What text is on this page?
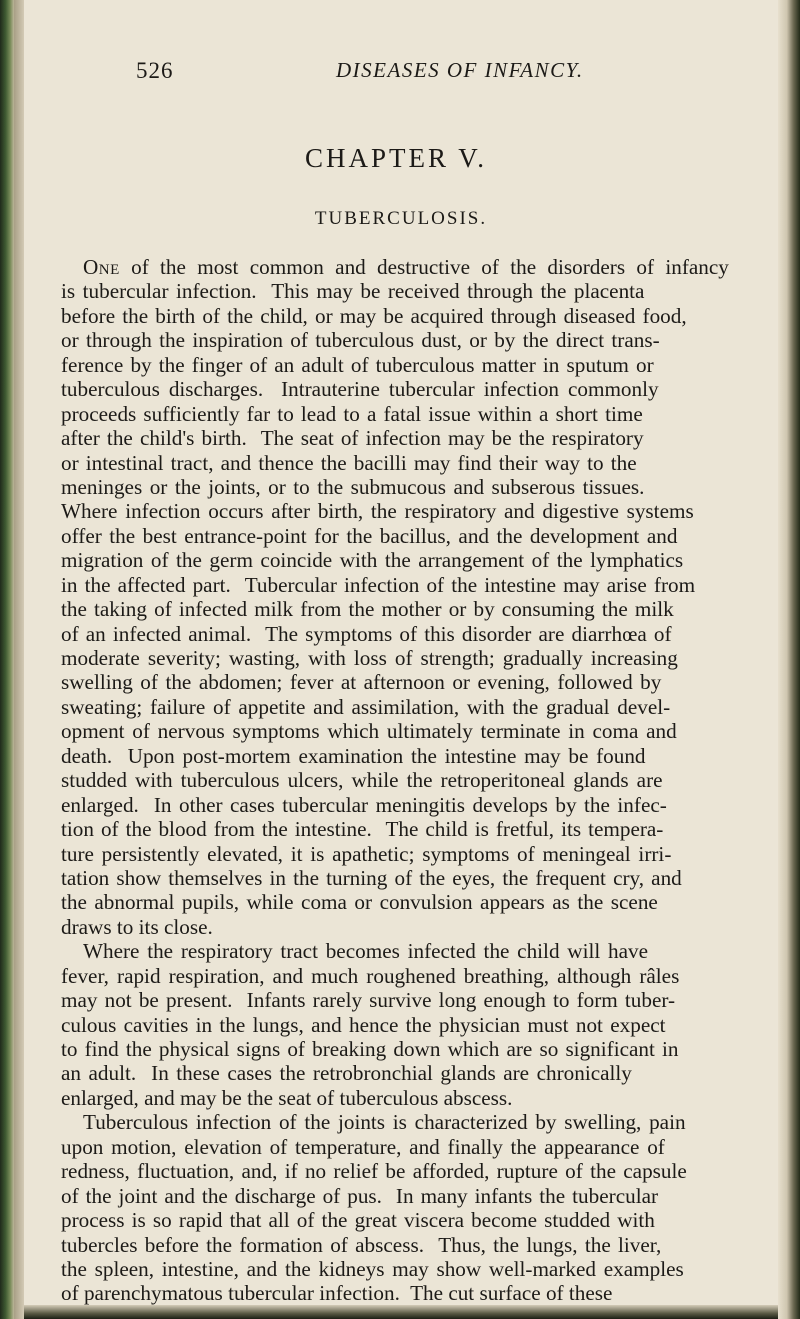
526	DISEASES OF INFANCY.
CHAPTER V.
TUBERCULOSIS.
One of the most common and destructive of the disorders of infancy
is tubercular infection.  This may be received through the placenta
before the birth of the child, or may be acquired through diseased food,
or through the inspiration of tuberculous dust, or by the direct trans-
ference by the finger of an adult of tuberculous matter in sputum or
tuberculous discharges.  Intrauterine tubercular infection commonly
proceeds sufficiently far to lead to a fatal issue within a short time
after the child's birth.  The seat of infection may be the respiratory
or intestinal tract, and thence the bacilli may find their way to the
meninges or the joints, or to the submucous and subserous tissues.
Where infection occurs after birth, the respiratory and digestive systems
offer the best entrance-point for the bacillus, and the development and
migration of the germ coincide with the arrangement of the lymphatics
in the affected part.  Tubercular infection of the intestine may arise from
the taking of infected milk from the mother or by consuming the milk
of an infected animal.  The symptoms of this disorder are diarrhœa of
moderate severity; wasting, with loss of strength; gradually increasing
swelling of the abdomen; fever at afternoon or evening, followed by
sweating; failure of appetite and assimilation, with the gradual devel-
opment of nervous symptoms which ultimately terminate in coma and
death.  Upon post-mortem examination the intestine may be found
studded with tuberculous ulcers, while the retroperitoneal glands are
enlarged.  In other cases tubercular meningitis develops by the infec-
tion of the blood from the intestine.  The child is fretful, its tempera-
ture persistently elevated, it is apathetic; symptoms of meningeal irri-
tation show themselves in the turning of the eyes, the frequent cry, and
the abnormal pupils, while coma or convulsion appears as the scene
draws to its close.
Where the respiratory tract becomes infected the child will have
fever, rapid respiration, and much roughened breathing, although râles
may not be present.  Infants rarely survive long enough to form tuber-
culous cavities in the lungs, and hence the physician must not expect
to find the physical signs of breaking down which are so significant in
an adult.  In these cases the retrobronchial glands are chronically
enlarged, and may be the seat of tuberculous abscess.
Tuberculous infection of the joints is characterized by swelling, pain
upon motion, elevation of temperature, and finally the appearance of
redness, fluctuation, and, if no relief be afforded, rupture of the capsule
of the joint and the discharge of pus.  In many infants the tubercular
process is so rapid that all of the great viscera become studded with
tubercles before the formation of abscess.  Thus, the lungs, the liver,
the spleen, intestine, and the kidneys may show well-marked examples
of parenchymatous tubercular infection.  The cut surface of these
